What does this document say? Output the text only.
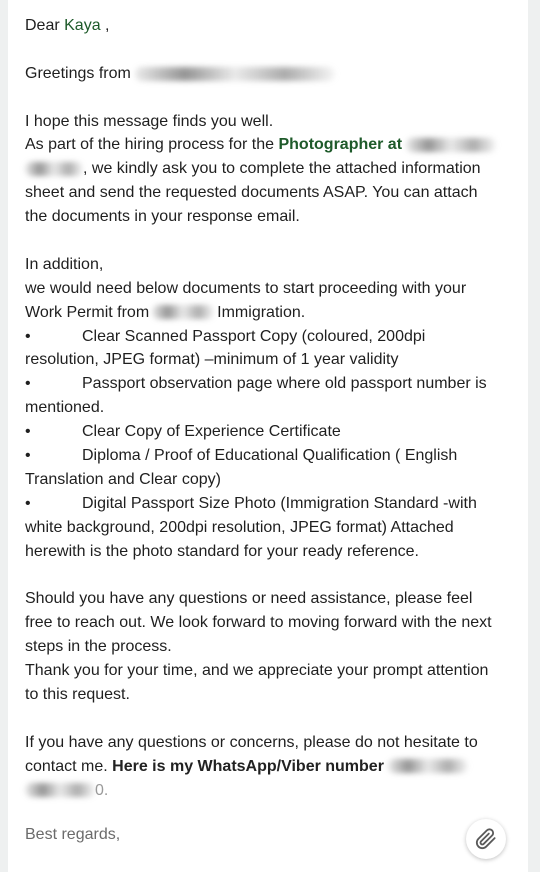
Dear Kaya ,
Greetings from
I hope this message finds you well.
As part of the hiring process for the Photographer at
, we kindly ask you to complete the attached information
sheet and send the requested documents ASAP. You can attach
the documents in your response email.
In addition,
we would need below documents to start proceeding with your
Work Permit from	Immigration.
•	Clear Scanned Passport Copy (coloured, 200dpi
resolution, JPEG format) –minimum of 1 year validity
•	Passport observation page where old passport number is
mentioned.
•	Clear Copy of Experience Certificate
•	Diploma / Proof of Educational Qualification ( English
Translation and Clear copy)
•	Digital Passport Size Photo (Immigration Standard -with
white background, 200dpi resolution, JPEG format) Attached
herewith is the photo standard for your ready reference.
Should you have any questions or need assistance, please feel
free to reach out. We look forward to moving forward with the next
steps in the process.
Thank you for your time, and we appreciate your prompt attention
to this request.
If you have any questions or concerns, please do not hesitate to
contact me. Here is my WhatsApp/Viber number
0.
Best regards,
